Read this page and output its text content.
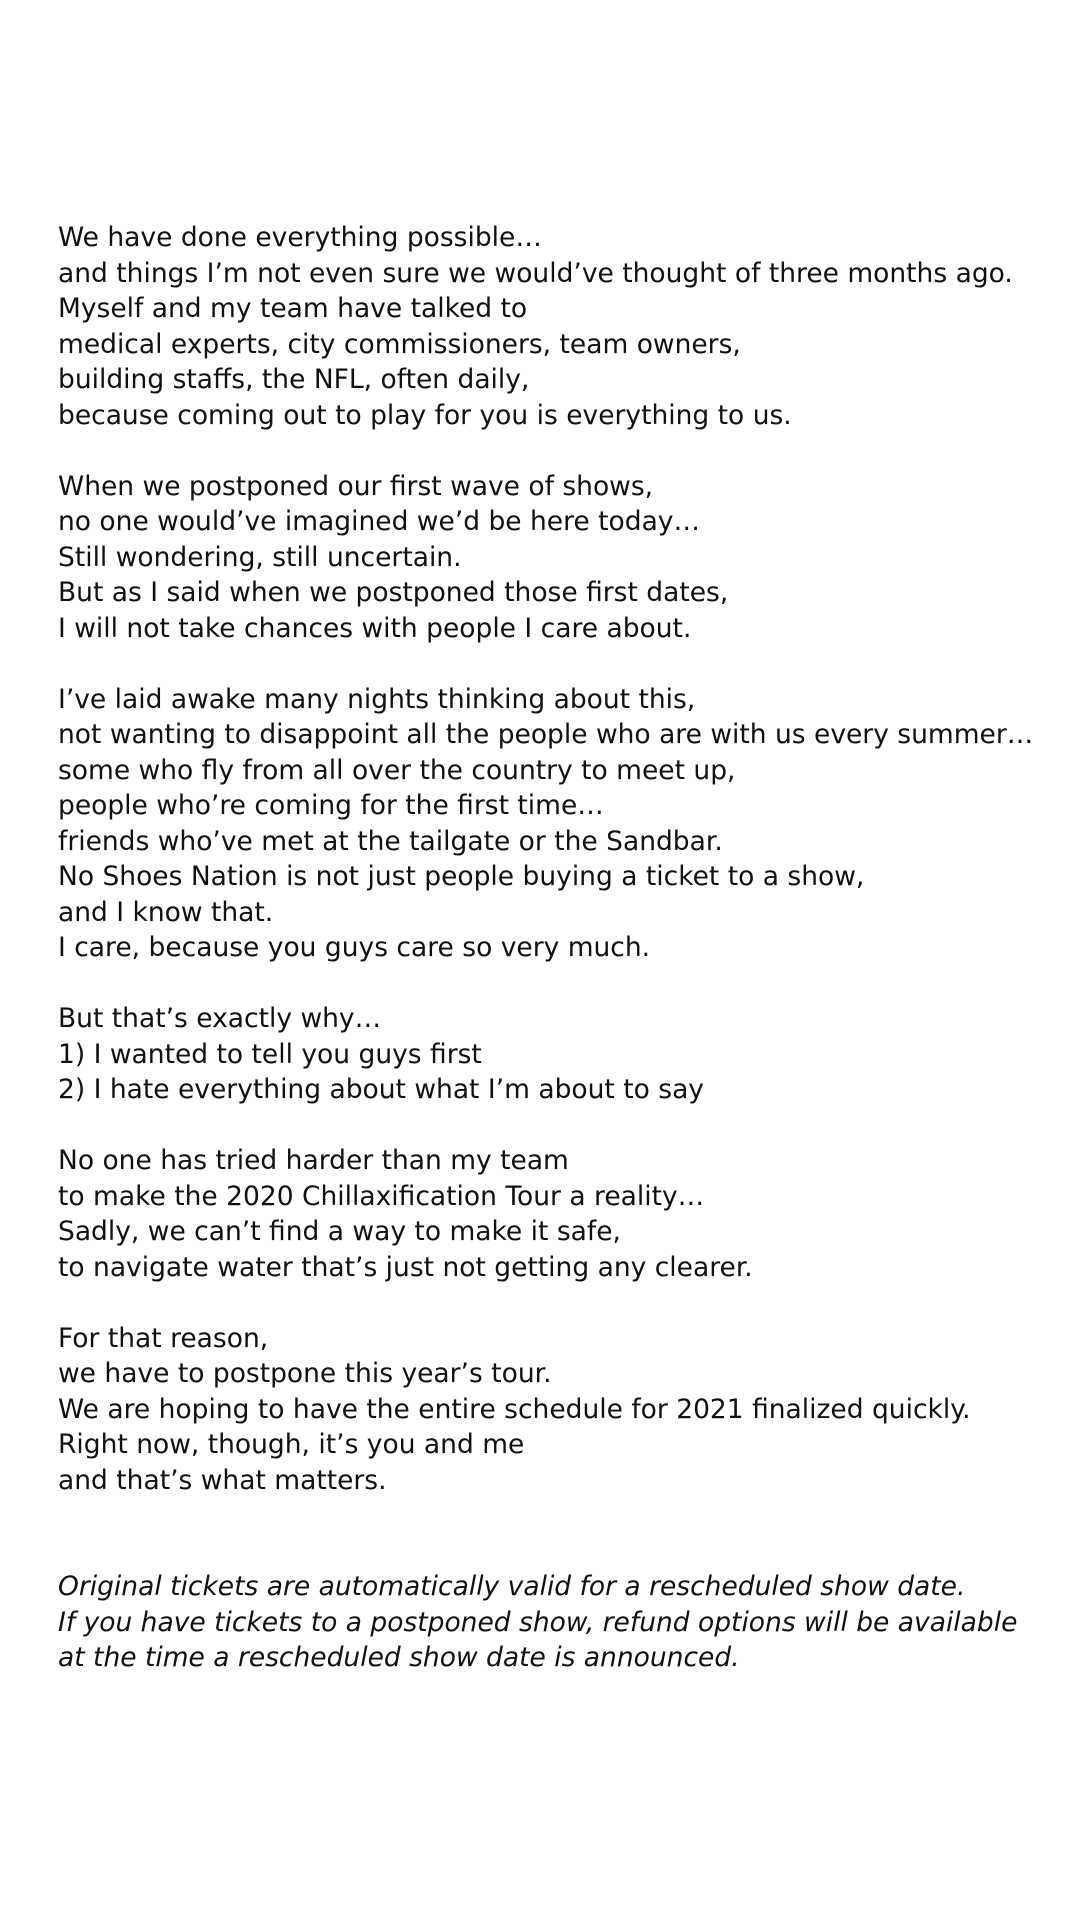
We have done everything possible…
and things I’m not even sure we would’ve thought of three months ago.
Myself and my team have talked to
medical experts, city commissioners, team owners,
building staffs, the NFL, often daily,
because coming out to play for you is everything to us.

When we postponed our first wave of shows,
no one would’ve imagined we’d be here today…
Still wondering, still uncertain.
But as I said when we postponed those first dates,
I will not take chances with people I care about.

I’ve laid awake many nights thinking about this,
not wanting to disappoint all the people who are with us every summer…
some who fly from all over the country to meet up,
people who’re coming for the first time…
friends who’ve met at the tailgate or the Sandbar.
No Shoes Nation is not just people buying a ticket to a show,
and I know that.
I care, because you guys care so very much.

But that’s exactly why…
1) I wanted to tell you guys first
2) I hate everything about what I’m about to say

No one has tried harder than my team
to make the 2020 Chillaxification Tour a reality…
Sadly, we can’t find a way to make it safe,
to navigate water that’s just not getting any clearer.

For that reason,
we have to postpone this year’s tour.
We are hoping to have the entire schedule for 2021 finalized quickly.
Right now, though, it’s you and me
and that’s what matters.

Original tickets are automatically valid for a rescheduled show date.
If you have tickets to a postponed show, refund options will be available
at the time a rescheduled show date is announced.
